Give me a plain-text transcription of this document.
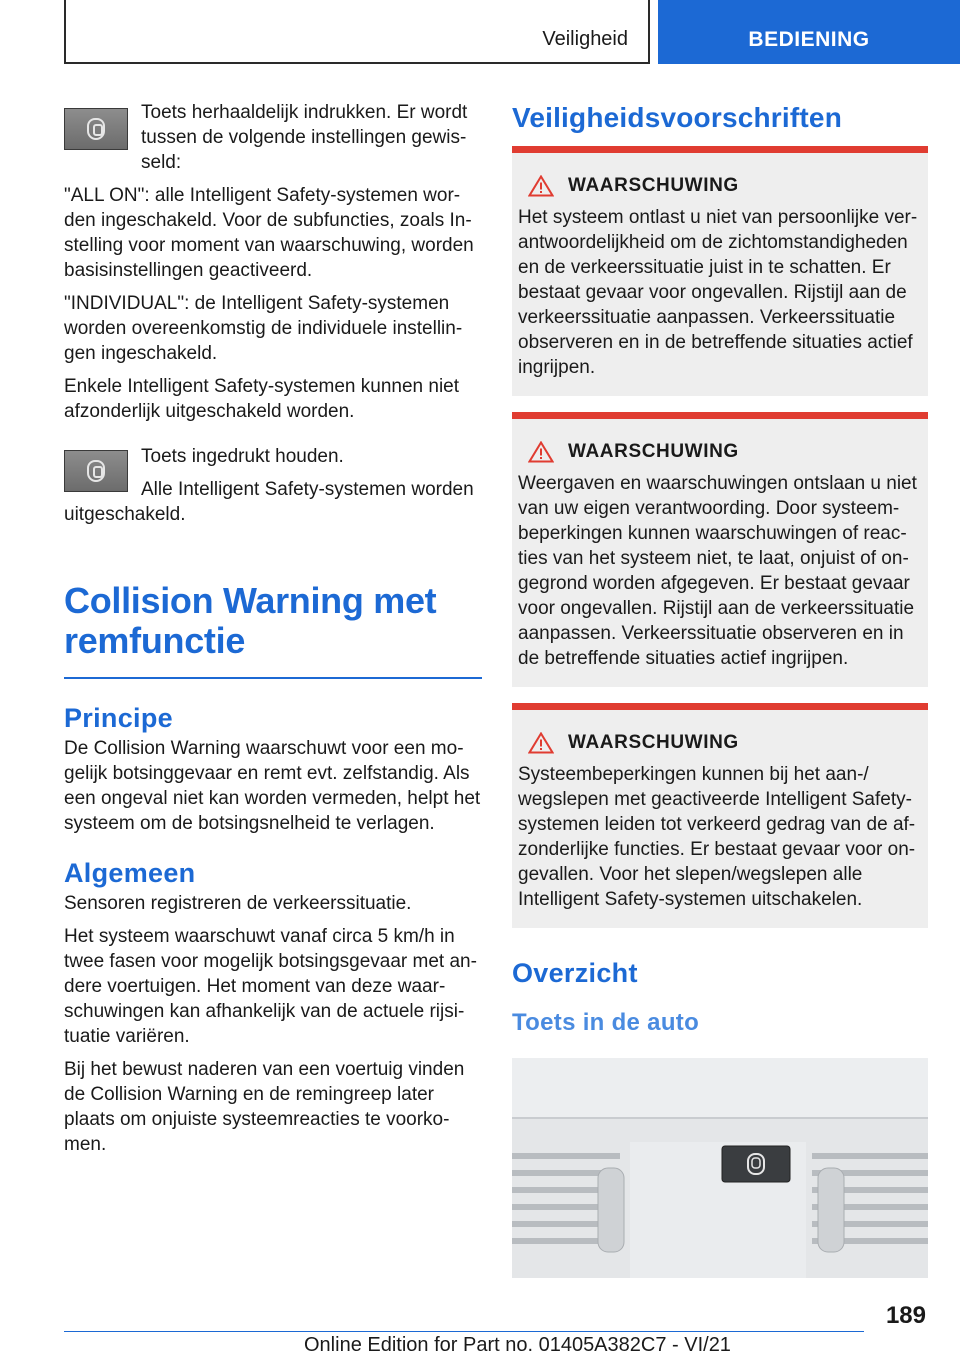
Veiligheid	BEDIENING

Toets herhaaldelijk indrukken. Er wordt tussen de volgende instellingen gewisseld:

"ALL ON": alle Intelligent Safety-systemen worden ingeschakeld. Voor de subfuncties, zoals Instelling voor moment van waarschuwing, worden basisinstellingen geactiveerd.

"INDIVIDUAL": de Intelligent Safety-systemen worden overeenkomstig de individuele instellingen ingeschakeld.

Enkele Intelligent Safety-systemen kunnen niet afzonderlijk uitgeschakeld worden.

Toets ingedrukt houden.

Alle Intelligent Safety-systemen worden uitgeschakeld.

Collision Warning met remfunctie
Principe

De Collision Warning waarschuwt voor een mogelijk botsinggevaar en remt evt. zelfstandig. Als een ongeval niet kan worden vermeden, helpt het systeem om de botsingsnelheid te verlagen.

Algemeen

Sensoren registreren de verkeerssituatie.

Het systeem waarschuwt vanaf circa 5 km/h in twee fasen voor mogelijk botsingsgevaar met andere voertuigen. Het moment van deze waarschuwingen kan afhankelijk van de actuele rijsituatie variëren.

Bij het bewust naderen van een voertuig vinden de Collision Warning en de remingreep later plaats om onjuiste systeemreacties te voorkomen.

Veiligheidsvoorschriften
WAARSCHUWING

Het systeem ontlast u niet van persoonlijke verantwoordelijkheid om de zichtomstandigheden en de verkeerssituatie juist in te schatten. Er bestaat gevaar voor ongevallen. Rijstijl aan de verkeerssituatie aanpassen. Verkeerssituatie observeren en in de betreffende situaties actief ingrijpen.

WAARSCHUWING

Weergaven en waarschuwingen ontslaan u niet van uw eigen verantwoording. Door systeembeperkingen kunnen waarschuwingen of reacties van het systeem niet, te laat, onjuist of ongegrond worden afgegeven. Er bestaat gevaar voor ongevallen. Rijstijl aan de verkeerssituatie aanpassen. Verkeerssituatie observeren en in de betreffende situaties actief ingrijpen.

WAARSCHUWING

Systeembeperkingen kunnen bij het aan-/ wegslepen met geactiveerde Intelligent Safety-systemen leiden tot verkeerd gedrag van de afzonderlijke functies. Er bestaat gevaar voor ongevallen. Voor het slepen/wegslepen alle Intelligent Safety-systemen uitschakelen.

Overzicht
Toets in de auto
189
Online Edition for Part no. 01405A382C7 - VI/21
